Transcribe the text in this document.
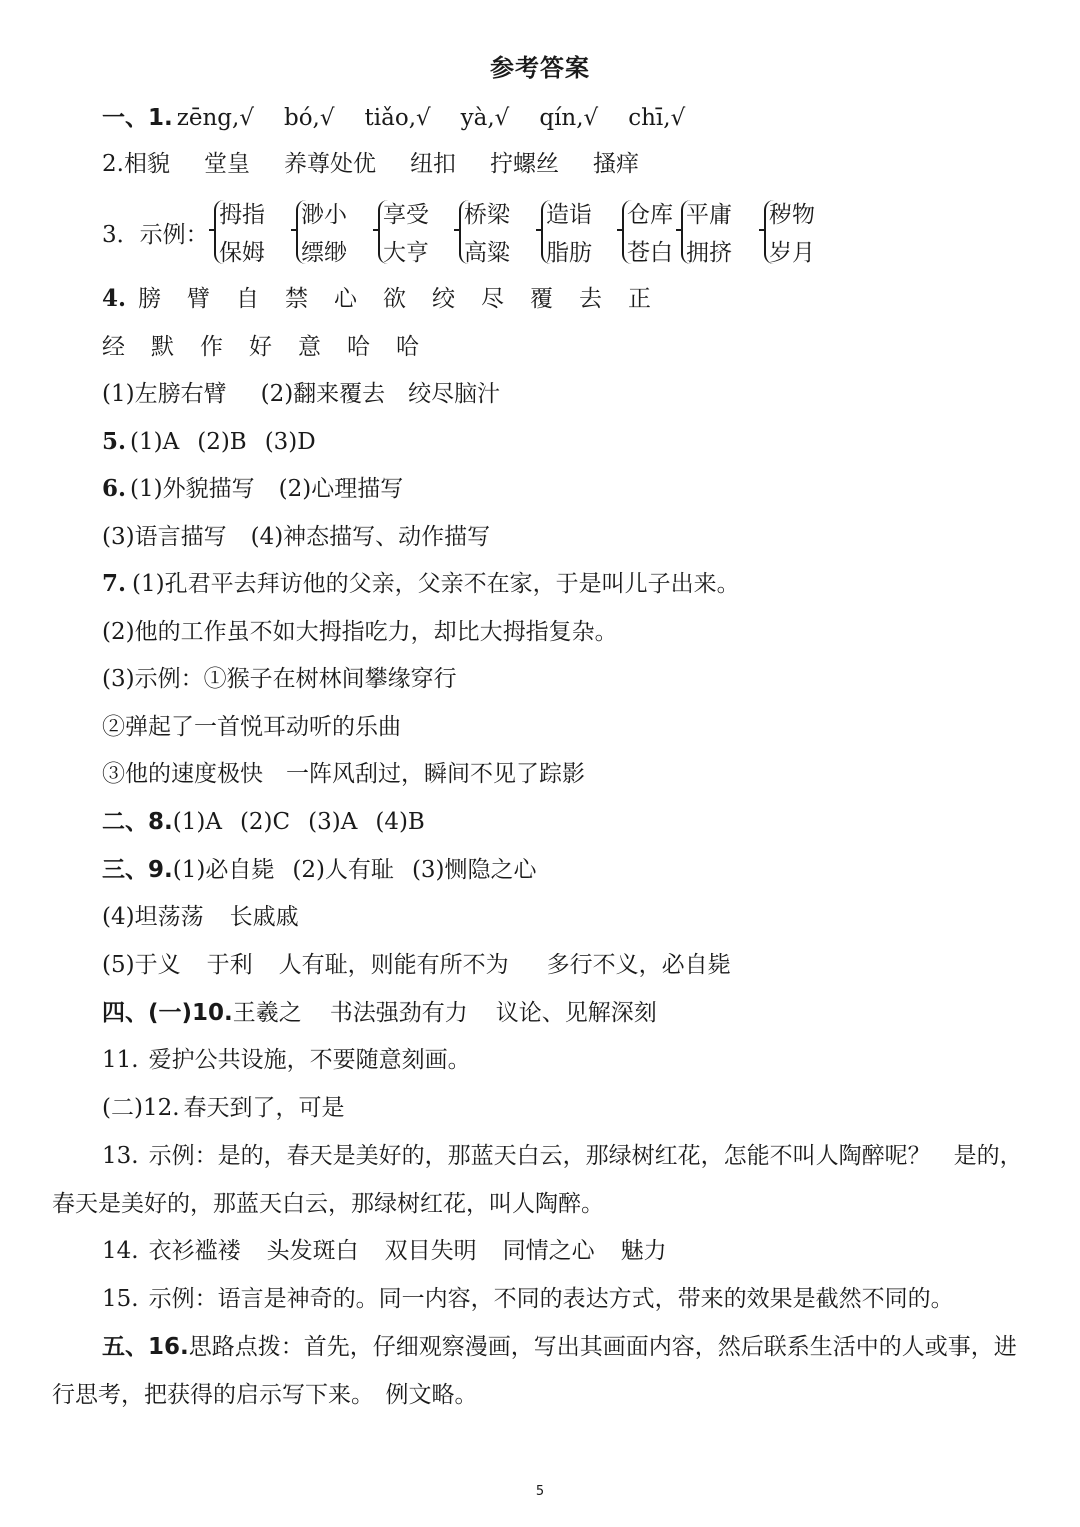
参考答案
一、1. zēng,√ bó,√ tiǎo,√ yà,√ qín,√ chī,√
2.相貌 堂皇 养尊处优 纽扣 拧螺丝 搔痒
3．示例：
拇指
保姆
渺小
缥缈
享受
大亨
桥梁
高粱
造诣
脂肪
仓库
苍白
平庸
拥挤
秽物
岁月
4. 膀 臂 自 禁 心 欲 绞 尽 覆 去 正
经 默 作 好 意 哈 哈
(1)左膀右臂 (2)翻来覆去　绞尽脑汁
5. (1)A (2)B (3)D
6. (1)外貌描写 (2)心理描写
(3)语言描写 (4)神态描写、动作描写
7. (1)孔君平去拜访他的父亲，父亲不在家，于是叫儿子出来。
(2)他的工作虽不如大拇指吃力，却比大拇指复杂。
(3)示例：①猴子在树林间攀缘穿行
②弹起了一首悦耳动听的乐曲
③他的速度极快　一阵风刮过，瞬间不见了踪影
二、8.(1)A (2)C (3)A (4)B
三、9.(1)必自毙 (2)人有耻 (3)恻隐之心
(4)坦荡荡 长戚戚
(5)于义 于利 人有耻，则能有所不为 多行不义，必自毙
四、(一)10.王羲之 书法强劲有力 议论、见解深刻
11. 爱护公共设施，不要随意刻画。
(二)12. 春天到了，可是
13. 示例：是的，春天是美好的，那蓝天白云，那绿树红花，怎能不叫人陶醉呢？　是的，春天是美好的，那蓝天白云，那绿树红花，叫人陶醉。
14. 衣衫褴褛 头发斑白 双目失明 同情之心 魅力
15. 示例：语言是神奇的。同一内容，不同的表达方式，带来的效果是截然不同的。
五、16.思路点拨：首先，仔细观察漫画，写出其画面内容，然后联系生活中的人或事，进行思考，把获得的启示写下来。　例文略。
5
